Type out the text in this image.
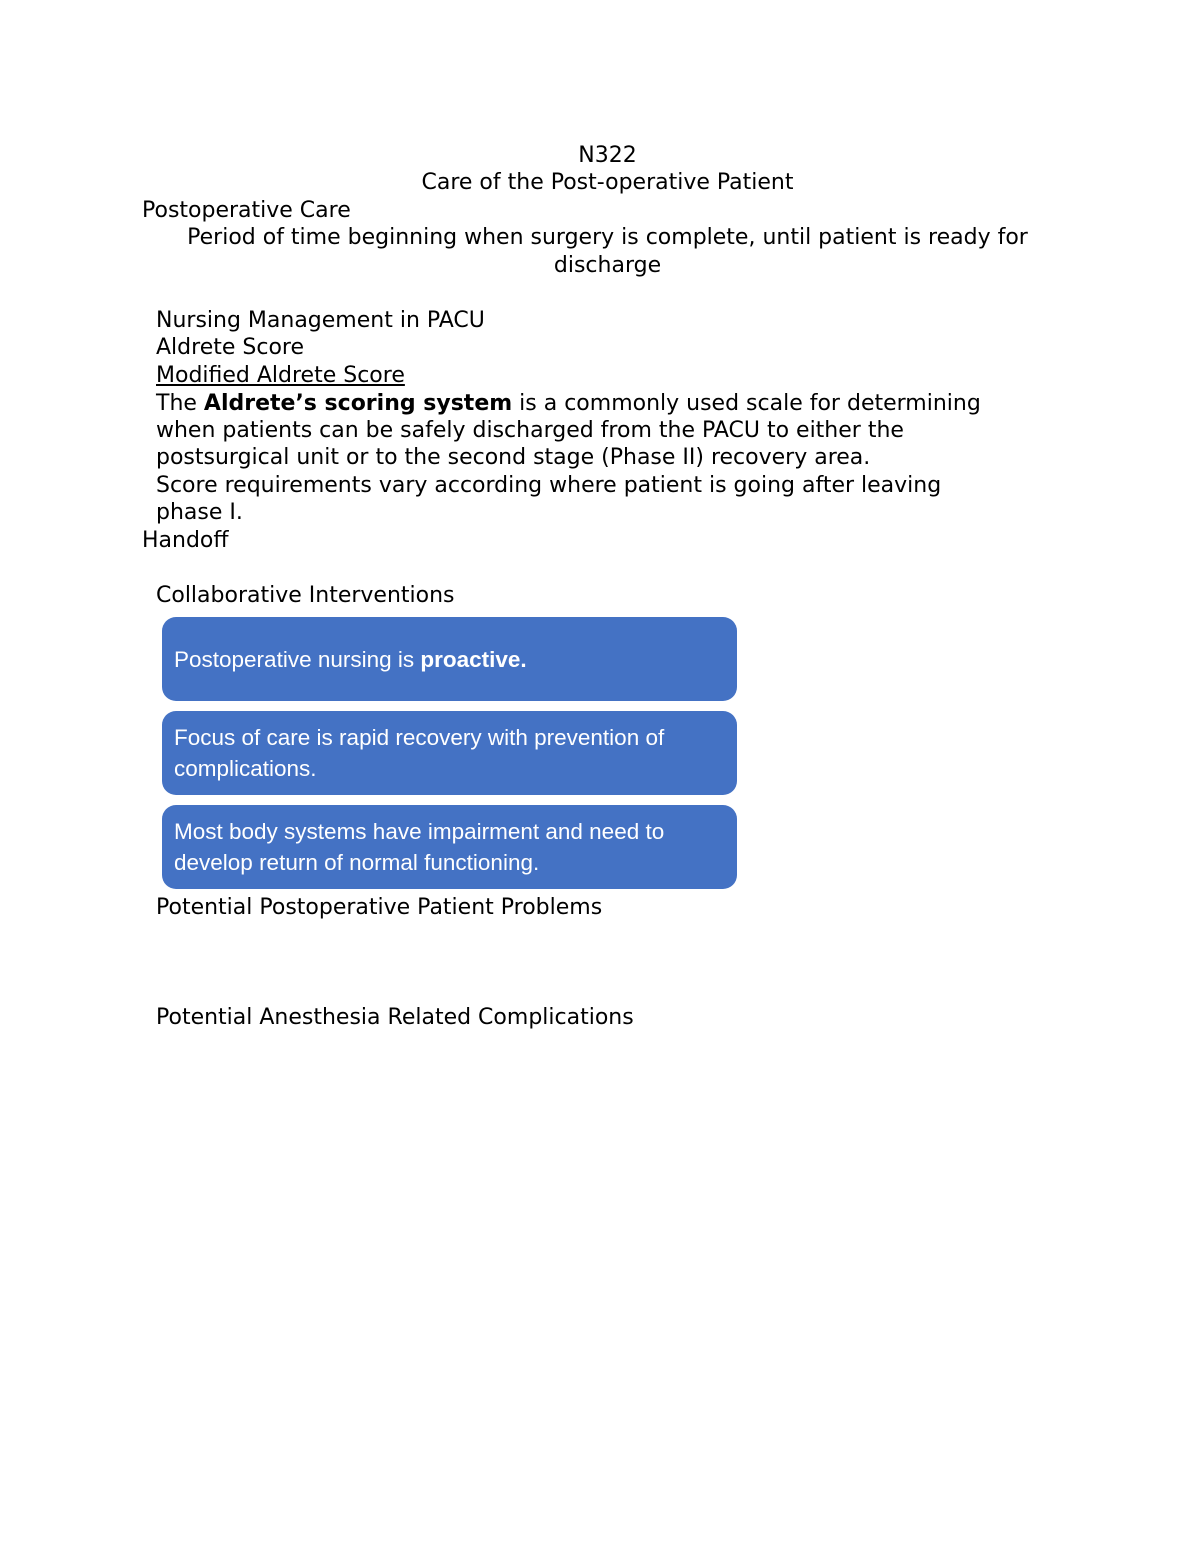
N322
Care of the Post-operative Patient
Postoperative Care
Period of time beginning when surgery is complete, until patient is ready for
discharge
Nursing Management in PACU
Aldrete Score
Modified Aldrete Score
The Aldrete’s scoring system is a commonly used scale for determining
when patients can be safely discharged from the PACU to either the
postsurgical unit or to the second stage (Phase II) recovery area.
Score requirements vary according where patient is going after leaving
phase I.
Handoff
Collaborative Interventions
Postoperative nursing is proactive.
Focus of care is rapid recovery with prevention of
complications.
Most body systems have impairment and need to
develop return of normal functioning.
Potential Postoperative Patient Problems
Potential Anesthesia Related Complications
